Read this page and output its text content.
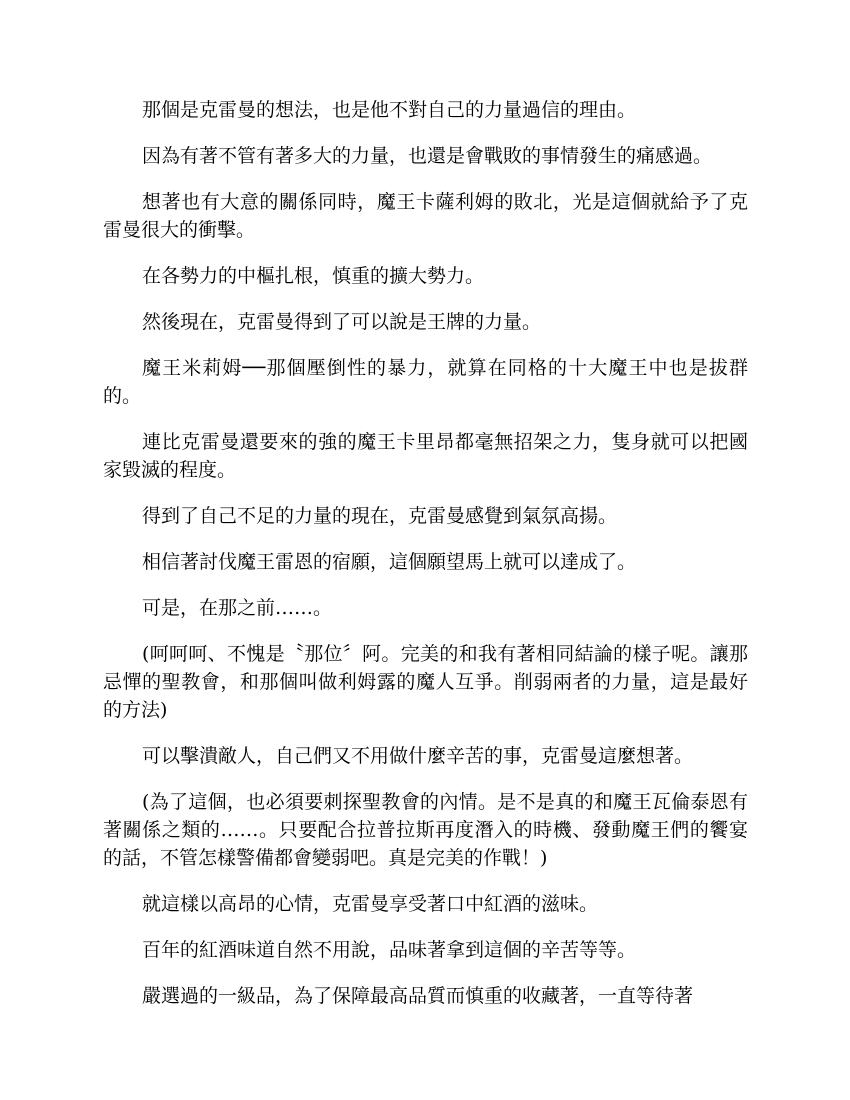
那個是克雷曼的想法，也是他不對自己的力量過信的理由。

因為有著不管有著多大的力量，也還是會戰敗的事情發生的痛感過。

想著也有大意的關係同時，魔王卡薩利姆的敗北，光是這個就給予了克雷曼很大的衝擊。

在各勢力的中樞扎根，慎重的擴大勢力。

然後現在，克雷曼得到了可以說是王牌的力量。

魔王米莉姆──那個壓倒性的暴力，就算在同格的十大魔王中也是拔群的。

連比克雷曼還要來的強的魔王卡里昂都毫無招架之力，隻身就可以把國家毀滅的程度。

得到了自己不足的力量的現在，克雷曼感覺到氣氛高揚。

相信著討伐魔王雷恩的宿願，這個願望馬上就可以達成了。

可是，在那之前……。

(呵呵呵、不愧是〝那位〞阿。完美的和我有著相同結論的樣子呢。讓那忌憚的聖教會，和那個叫做利姆露的魔人互爭。削弱兩者的力量，這是最好的方法)

可以擊潰敵人，自己們又不用做什麼辛苦的事，克雷曼這麼想著。

(為了這個，也必須要刺探聖教會的內情。是不是真的和魔王瓦倫泰恩有著關係之類的……。只要配合拉普拉斯再度潛入的時機、發動魔王們的饗宴的話，不管怎樣警備都會變弱吧。真是完美的作戰！)

就這樣以高昂的心情，克雷曼享受著口中紅酒的滋味。

百年的紅酒味道自然不用說，品味著拿到這個的辛苦等等。

嚴選過的一級品，為了保障最高品質而慎重的收藏著，一直等待著
